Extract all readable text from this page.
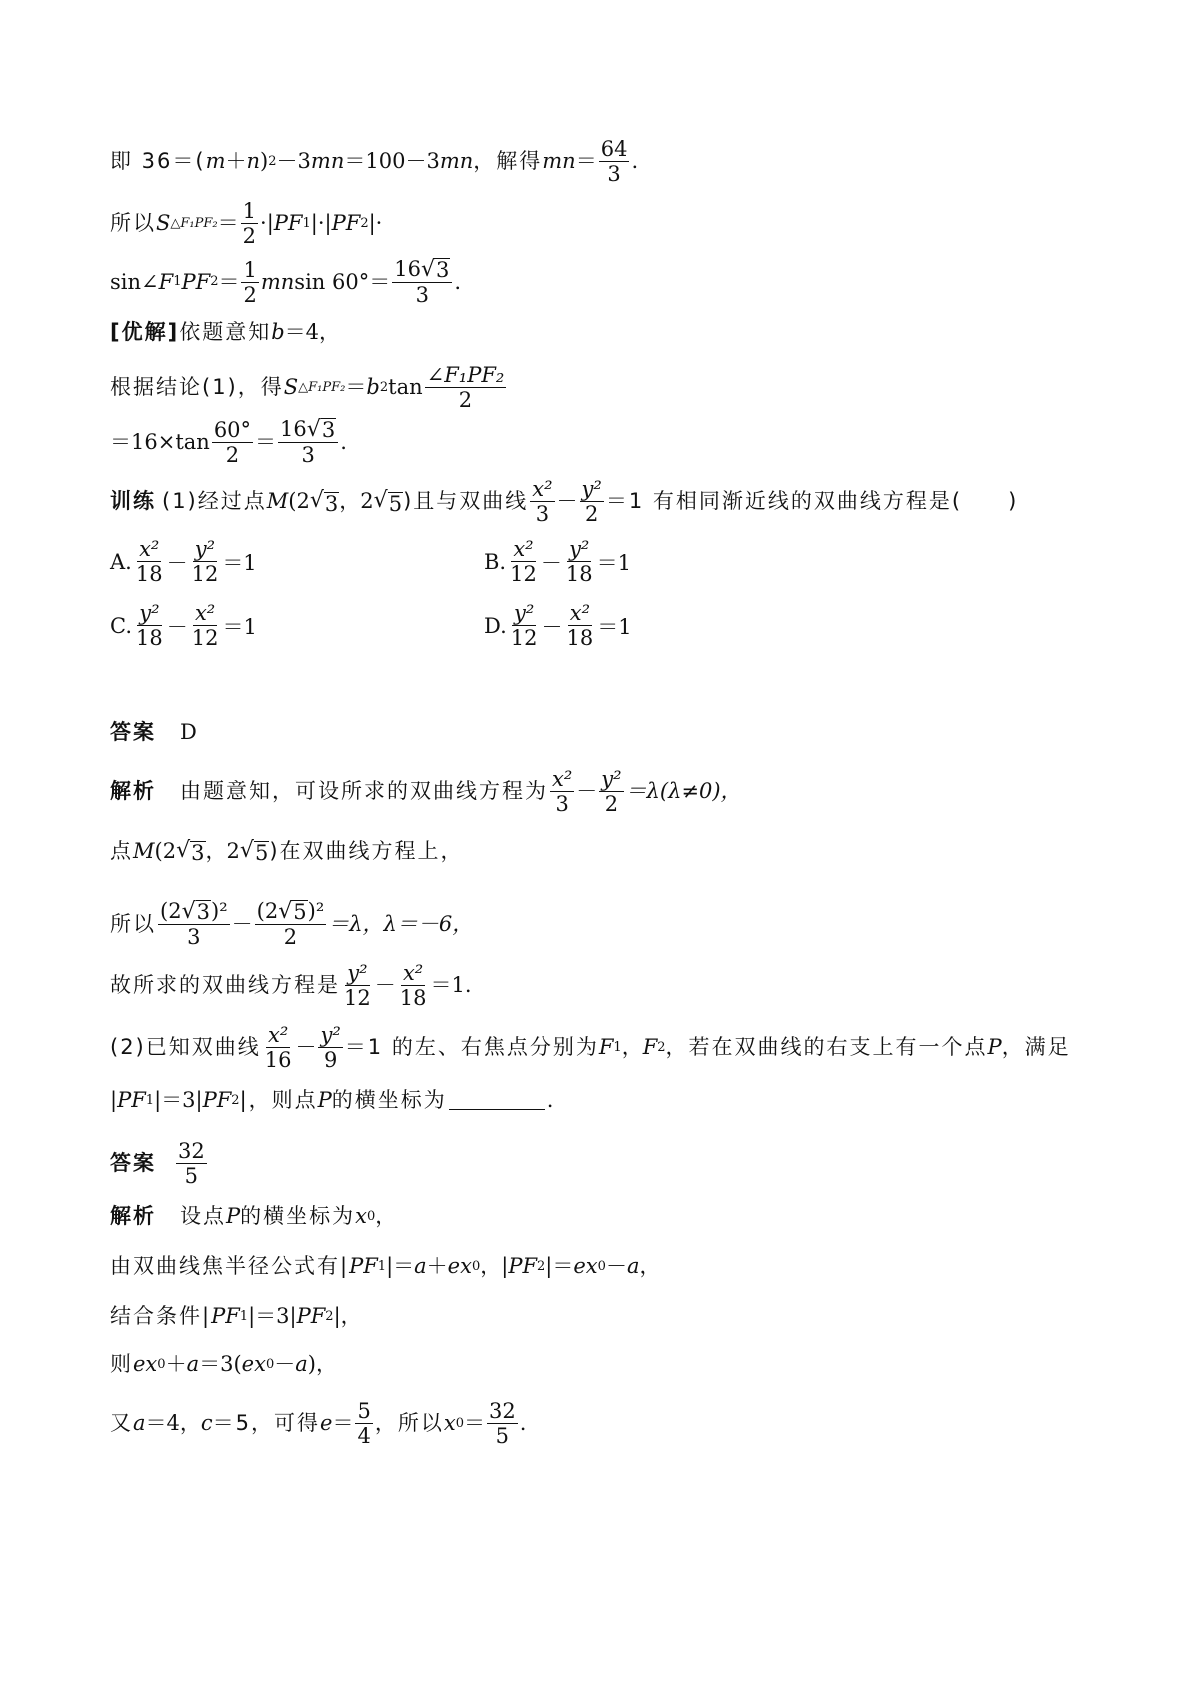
即 36＝( m ＋ n ) 2 －3 mn ＝100－3 mn ，解得 mn ＝ $\frac{64}{3}$ .
所以 S △F₁PF₂ ＝ $\frac{1}{2}$ ·| PF 1 |·| PF 2 |·
sin∠ F 1 PF $2 = \frac{1}{2}$ mn $\sin 60^\circ= \frac{16 √ 3}{3}$ .
[优解] 依题意知 b ＝4，
根据结论(1)，得 S △F₁PF₂ ＝ b 2 $\tan \frac{\text{∠F₁PF₂}}{2}$
$=16\times\tan \frac{60^\circ}{2} = \frac{16 √ 3}{3}$ .
训练 (1)经过点 M (2 √ 3 ，2 √ 5 )且与双曲线 $\frac{\text{x²}}{3} - \frac{\text{y²}}{2} =1$ 有相同渐近线的双曲线方程是(　　)
A. $\frac{\text{x²}}{18} - \frac{\text{y²}}{12} =1$	B. $\frac{\text{x²}}{12} - \frac{\text{y²}}{18} =1$
C. $\frac{\text{y²}}{18} - \frac{\text{x²}}{12} =1$	D. $\frac{\text{y²}}{12} - \frac{\text{x²}}{18} =1$
答案 D
解析 由题意知，可设所求的双曲线方程为 $\frac{\text{x²}}{3} - \frac{\text{y²}}{2} =\lambda(\lambda\ne 0)$，
点 M (2 √ 3 ，2 √ 5 )在双曲线方程上，
所以 $\frac{\text{(2 √ 3 )²}}{3} - \frac{\text{(2 √ 5 )²}}{2} =\lambda$，λ＝－6，
故所求的双曲线方程是 $\frac{\text{y²}}{12} - \frac{\text{x²}}{18} =1$.
(2)已知双曲线 $\frac{\text{x²}}{16} - \frac{\text{y²}}{9} =1$ 的左、右焦点分别为 F 1 ， F 2 ，若在双曲线的右支上有一个点 P ，满足
| PF 1 |＝3| PF 2 |，则点 P 的横坐标为	.
答案 $\frac{32}{5}$
解析 设点 P 的横坐标为 x 0 ，
由双曲线焦半径公式有| PF 1 |＝ a ＋ ex 0 ，| PF 2 |＝ ex 0 － a ，
结合条件| PF 1 |＝3| PF 2 |，
则 ex 0 ＋ a ＝3( ex 0 － a )，
又 a ＝4， c ＝5，可得 $e = \frac{5}{4}$ ，所以 x $0 = \frac{32}{5}$ .
